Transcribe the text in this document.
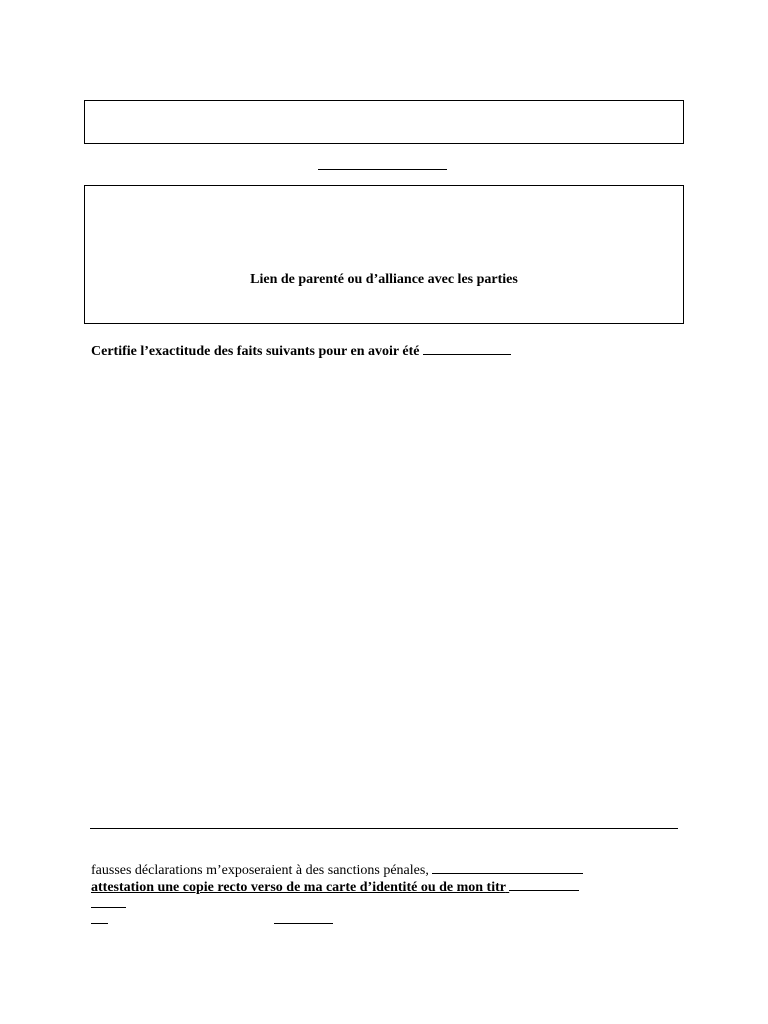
Lien de parenté ou d’alliance avec les parties
Certifie l’exactitude des faits suivants pour en avoir été
fausses déclarations m’exposeraient à des sanctions pénales,
attestation une copie recto verso de ma carte d’identité ou de mon titr
